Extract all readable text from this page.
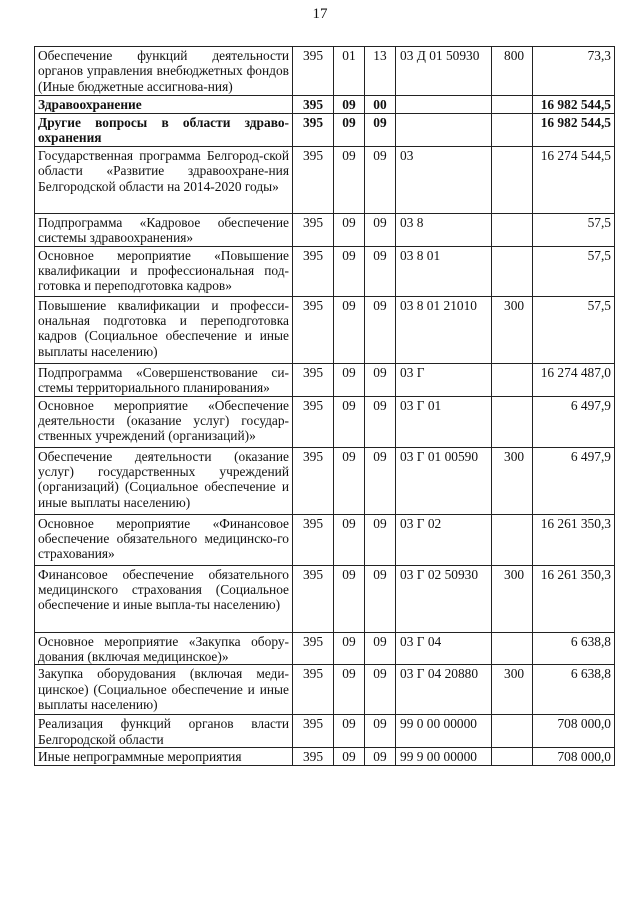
17
Обеспечение функций деятельности органов управления внебюджетных фондов (Иные бюджетные ассигнова-ния)	395	01	13	03 Д 01 50930	800	73,3
Здравоохранение	395	09	00			16 982 544,5
Другие вопросы в области здраво-охранения	395	09	09			16 982 544,5
Государственная программа Белгород-ской области «Развитие здравоохране-ния Белгородской области на 2014-2020 годы»	395	09	09	03		16 274 544,5
Подпрограмма «Кадровое обеспечение системы здравоохранения»	395	09	09	03 8		57,5
Основное мероприятие «Повышение квалификации и профессиональная под-готовка и переподготовка кадров»	395	09	09	03 8 01		57,5
Повышение квалификации и професси-ональная подготовка и переподготовка кадров (Социальное обеспечение и иные выплаты населению)	395	09	09	03 8 01 21010	300	57,5
Подпрограмма «Совершенствование си-стемы территориального планирования»	395	09	09	03 Г		16 274 487,0
Основное мероприятие «Обеспечение деятельности (оказание услуг) государ-ственных учреждений (организаций)»	395	09	09	03 Г 01		6 497,9
Обеспечение деятельности (оказание услуг) государственных учреждений (организаций) (Социальное обеспечение и иные выплаты населению)	395	09	09	03 Г 01 00590	300	6 497,9
Основное мероприятие «Финансовое обеспечение обязательного медицинско-го страхования»	395	09	09	03 Г 02		16 261 350,3
Финансовое обеспечение обязательного медицинского страхования (Социальное обеспечение и иные выпла-ты населению)	395	09	09	03 Г 02 50930	300	16 261 350,3
Основное мероприятие «Закупка обору-дования (включая медицинское)»	395	09	09	03 Г 04		6 638,8
Закупка оборудования (включая меди-цинское) (Социальное обеспечение и иные выплаты населению)	395	09	09	03 Г 04 20880	300	6 638,8
Реализация функций органов власти Белгородской области	395	09	09	99 0 00 00000		708 000,0
Иные непрограммные мероприятия	395	09	09	99 9 00 00000		708 000,0
